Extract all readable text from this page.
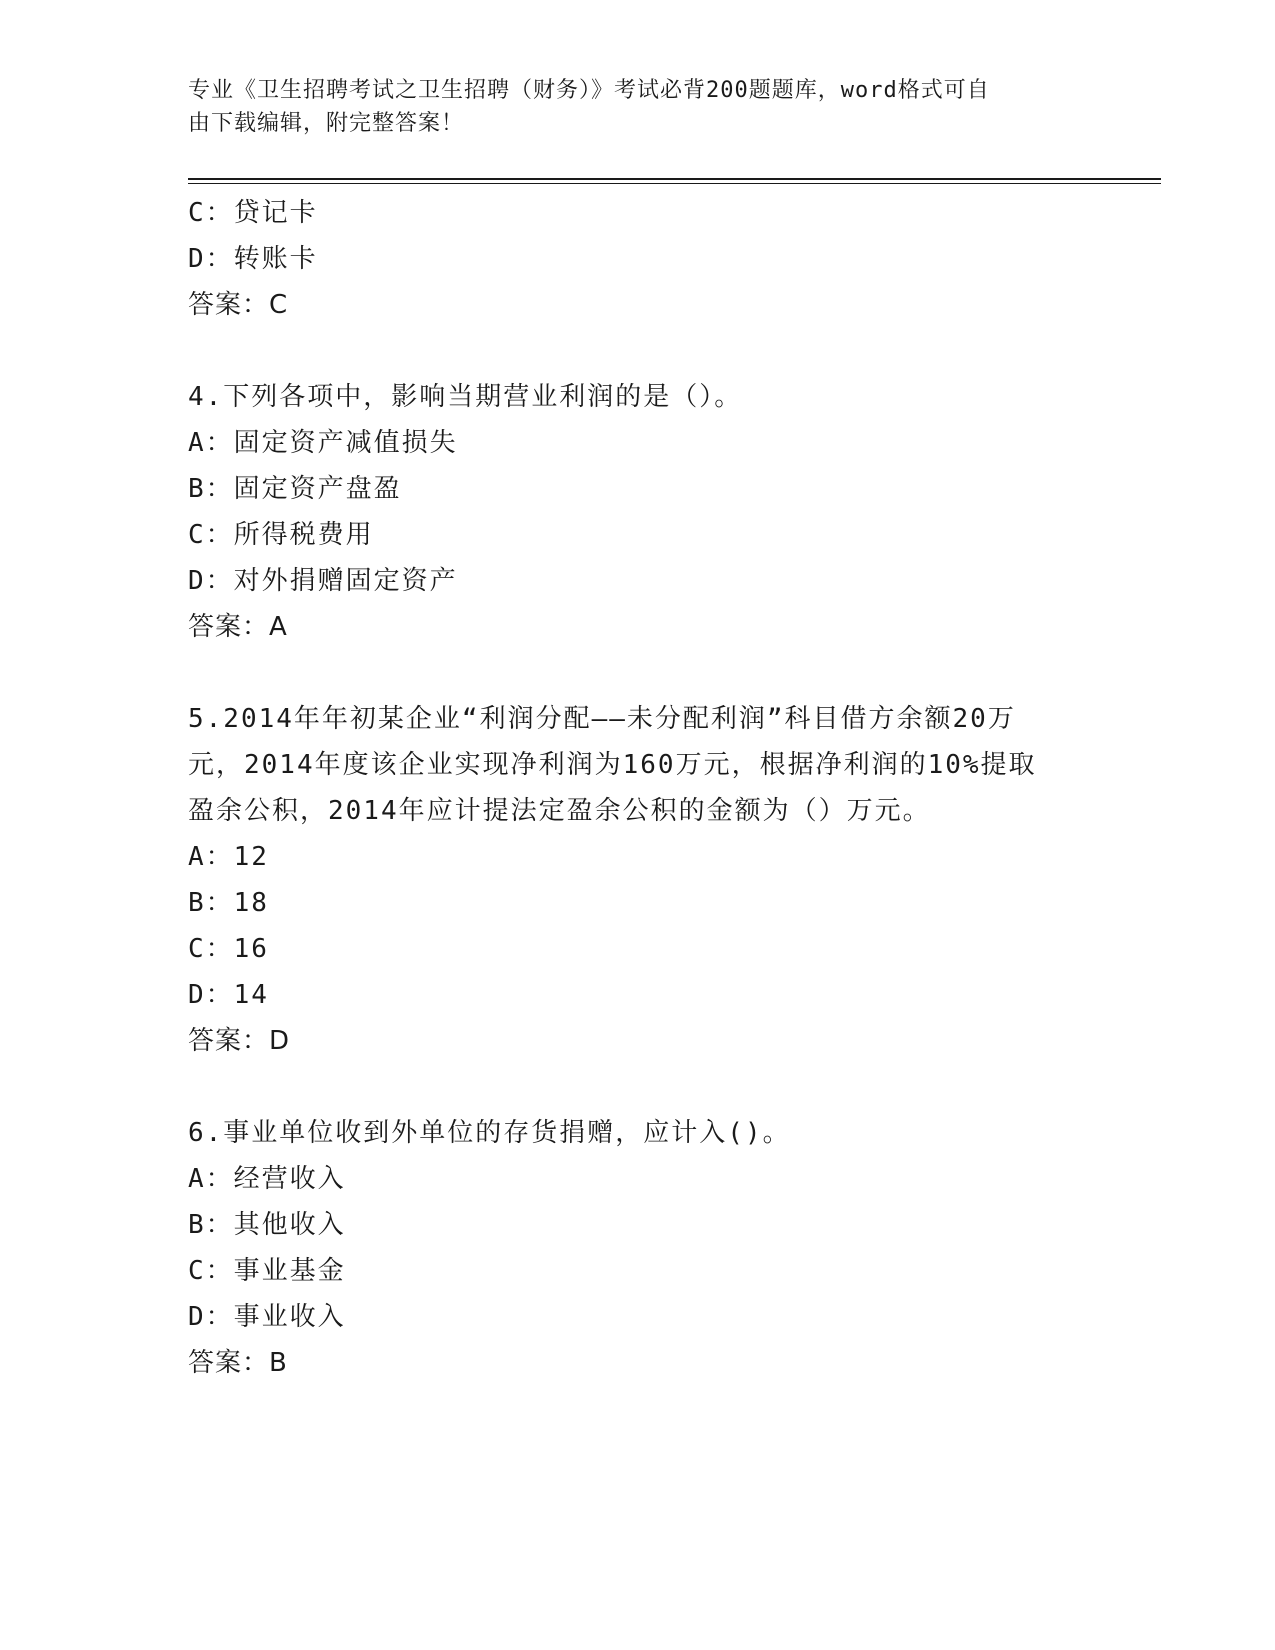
专业《卫生招聘考试之卫生招聘（财务）》考试必背200题题库，word格式可自
由下载编辑，附完整答案！
C：贷记卡
D：转账卡
答案：C
4.下列各项中，影响当期营业利润的是（）。
A：固定资产减值损失
B：固定资产盘盈
C：所得税费用
D：对外捐赠固定资产
答案：A
5.2014年年初某企业“利润分配——未分配利润”科目借方余额20万
元，2014年度该企业实现净利润为160万元，根据净利润的10%提取
盈余公积，2014年应计提法定盈余公积的金额为（）万元。
A：12
B：18
C：16
D：14
答案：D
6.事业单位收到外单位的存货捐赠，应计入()。
A：经营收入
B：其他收入
C：事业基金
D：事业收入
答案：B
